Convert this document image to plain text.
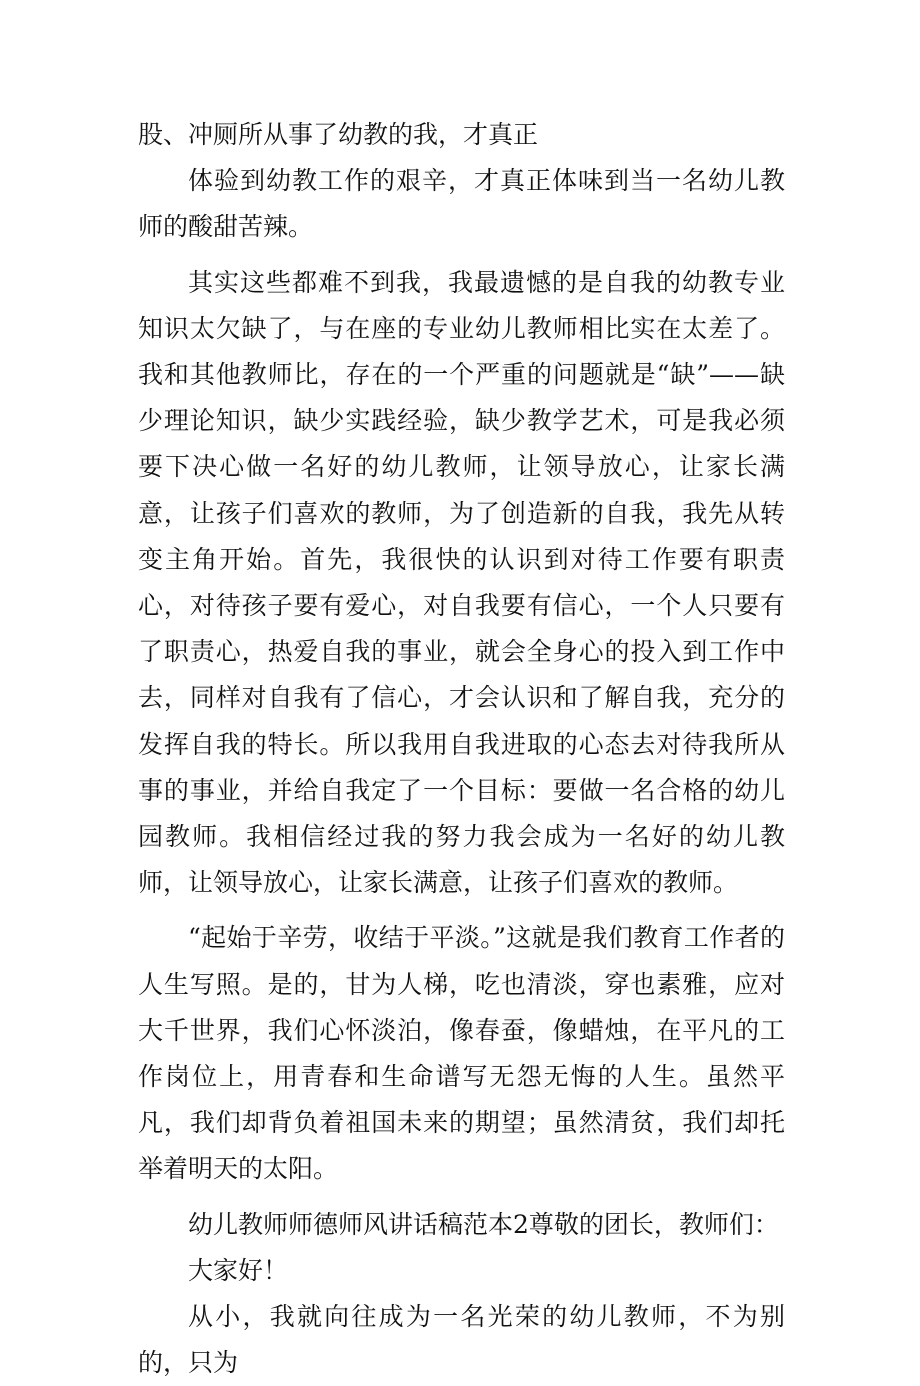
股、冲厕所从事了幼教的我，才真正

体验到幼教工作的艰辛，才真正体味到当一名幼儿教师的酸甜苦辣。

其实这些都难不到我，我最遗憾的是自我的幼教专业知识太欠缺了，与在座的专业幼儿教师相比实在太差了。我和其他教师比，存在的一个严重的问题就是“缺”——缺少理论知识，缺少实践经验，缺少教学艺术，可是我必须要下决心做一名好的幼儿教师，让领导放心，让家长满意，让孩子们喜欢的教师，为了创造新的自我，我先从转变主角开始。首先，我很快的认识到对待工作要有职责心，对待孩子要有爱心，对自我要有信心，一个人只要有了职责心，热爱自我的事业，就会全身心的投入到工作中去，同样对自我有了信心，才会认识和了解自我，充分的发挥自我的特长。所以我用自我进取的心态去对待我所从事的事业，并给自我定了一个目标：要做一名合格的幼儿园教师。我相信经过我的努力我会成为一名好的幼儿教师，让领导放心，让家长满意，让孩子们喜欢的教师。

“起始于辛劳，收结于平淡。”这就是我们教育工作者的人生写照。是的，甘为人梯，吃也清淡，穿也素雅，应对大千世界，我们心怀淡泊，像春蚕，像蜡烛，在平凡的工作岗位上，用青春和生命谱写无怨无悔的人生。虽然平凡，我们却背负着祖国未来的期望；虽然清贫，我们却托举着明天的太阳。

幼儿教师师德师风讲话稿范本2尊敬的团长，教师们：

大家好！

从小，我就向往成为一名光荣的幼儿教师，不为别的，只为
